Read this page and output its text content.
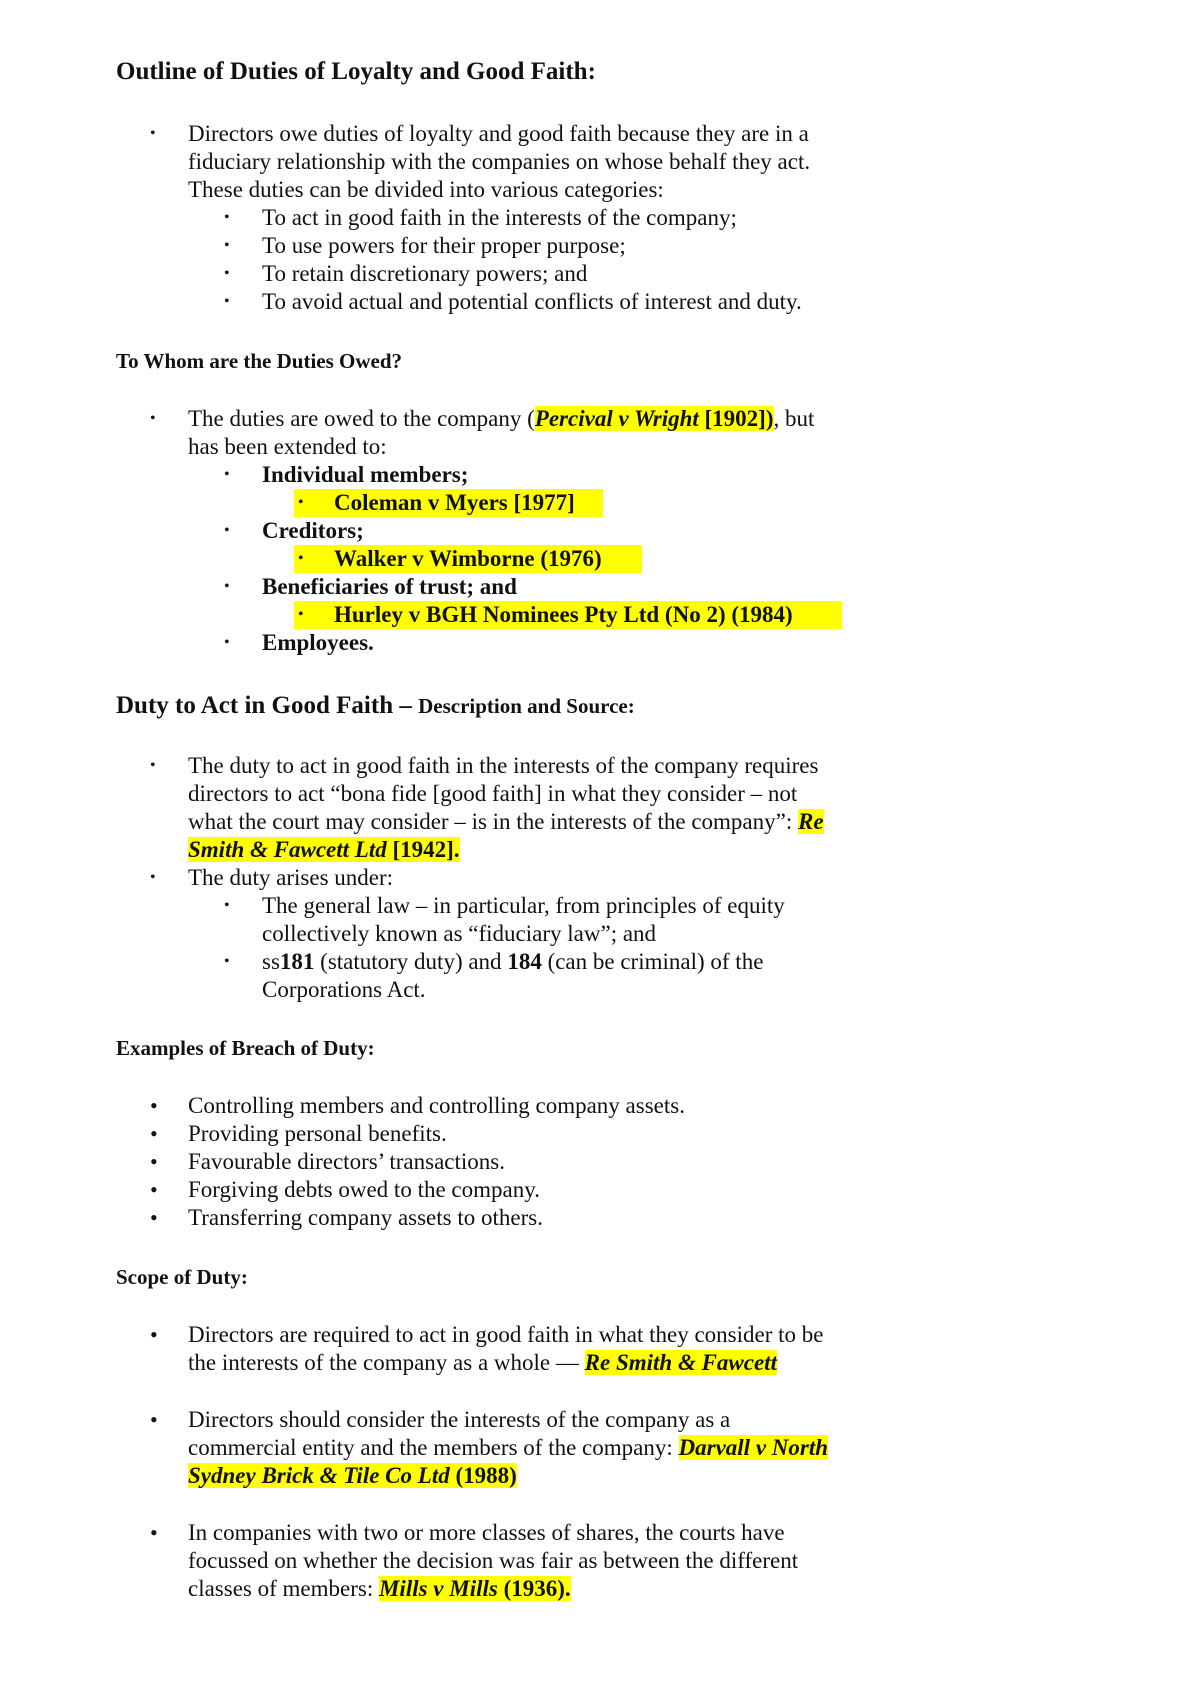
Outline of Duties of Loyalty and Good Faith:
• Directors owe duties of loyalty and good faith because they are in a
fiduciary relationship with the companies on whose behalf they act.
These duties can be divided into various categories:
• To act in good faith in the interests of the company;
• To use powers for their proper purpose;
• To retain discretionary powers; and
• To avoid actual and potential conflicts of interest and duty.
To Whom are the Duties Owed?
• The duties are owed to the company (Percival v Wright [1902]), but
has been extended to:
• Individual members;
• Coleman v Myers [1977]
• Creditors;
• Walker v Wimborne (1976)
• Beneficiaries of trust; and
• Hurley v BGH Nominees Pty Ltd (No 2) (1984)
• Employees.
Duty to Act in Good Faith – Description and Source:
• The duty to act in good faith in the interests of the company requires
directors to act “bona fide [good faith] in what they consider – not
what the court may consider – is in the interests of the company”: Re
Smith & Fawcett Ltd [1942].
• The duty arises under:
• The general law – in particular, from principles of equity
collectively known as “fiduciary law”; and
• ss181 (statutory duty) and 184 (can be criminal) of the
Corporations Act.
Examples of Breach of Duty:
• Controlling members and controlling company assets.
• Providing personal benefits.
• Favourable directors’ transactions.
• Forgiving debts owed to the company.
• Transferring company assets to others.
Scope of Duty:
• Directors are required to act in good faith in what they consider to be
the interests of the company as a whole — Re Smith & Fawcett
• Directors should consider the interests of the company as a
commercial entity and the members of the company: Darvall v North
Sydney Brick & Tile Co Ltd (1988)
• In companies with two or more classes of shares, the courts have
focussed on whether the decision was fair as between the different
classes of members: Mills v Mills (1936).
